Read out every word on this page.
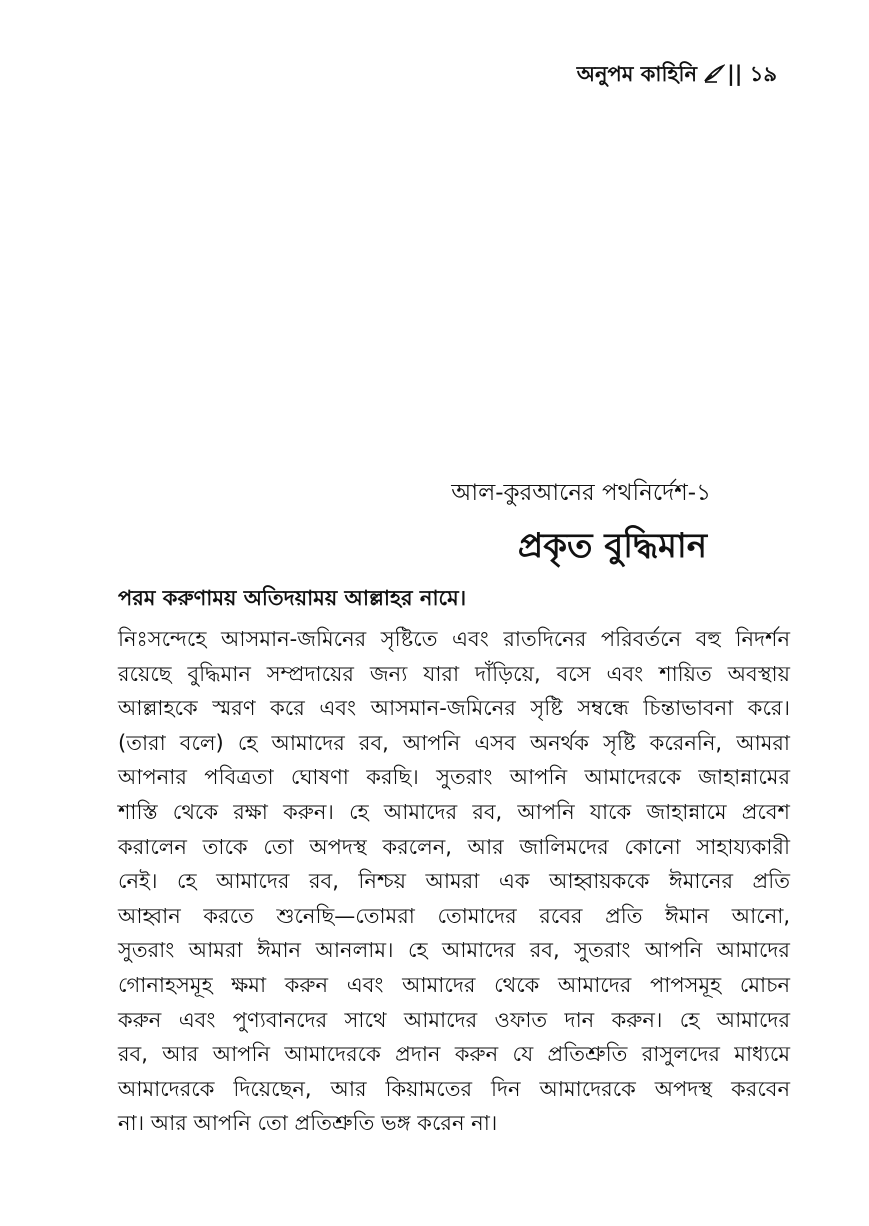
অনুপম কাহিনি || ১৯
আল-কুরআনের পথনির্দেশ-১
প্রকৃত বুদ্ধিমান
পরম করুণাময় অতিদয়াময় আল্লাহর নামে।
নিঃসন্দেহে আসমান-জমিনের সৃষ্টিতে এবং রাতদিনের পরিবর্তনে বহু নিদর্শন
রয়েছে বুদ্ধিমান সম্প্রদায়ের জন্য যারা দাঁড়িয়ে, বসে এবং শায়িত অবস্থায়
আল্লাহকে স্মরণ করে এবং আসমান-জমিনের সৃষ্টি সম্বন্ধে চিন্তাভাবনা করে।
(তারা বলে) হে আমাদের রব, আপনি এসব অনর্থক সৃষ্টি করেননি, আমরা
আপনার পবিত্রতা ঘোষণা করছি। সুতরাং আপনি আমাদেরকে জাহান্নামের
শাস্তি থেকে রক্ষা করুন। হে আমাদের রব, আপনি যাকে জাহান্নামে প্রবেশ
করালেন তাকে তো অপদস্থ করলেন, আর জালিমদের কোনো সাহায্যকারী
নেই। হে আমাদের রব, নিশ্চয় আমরা এক আহ্বায়ককে ঈমানের প্রতি
আহ্বান করতে শুনেছি—তোমরা তোমাদের রবের প্রতি ঈমান আনো,
সুতরাং আমরা ঈমান আনলাম। হে আমাদের রব, সুতরাং আপনি আমাদের
গোনাহসমূহ ক্ষমা করুন এবং আমাদের থেকে আমাদের পাপসমূহ মোচন
করুন এবং পুণ্যবানদের সাথে আমাদের ওফাত দান করুন। হে আমাদের
রব, আর আপনি আমাদেরকে প্রদান করুন যে প্রতিশ্রুতি রাসুলদের মাধ্যমে
আমাদেরকে দিয়েছেন, আর কিয়ামতের দিন আমাদেরকে অপদস্থ করবেন
না। আর আপনি তো প্রতিশ্রুতি ভঙ্গ করেন না।
